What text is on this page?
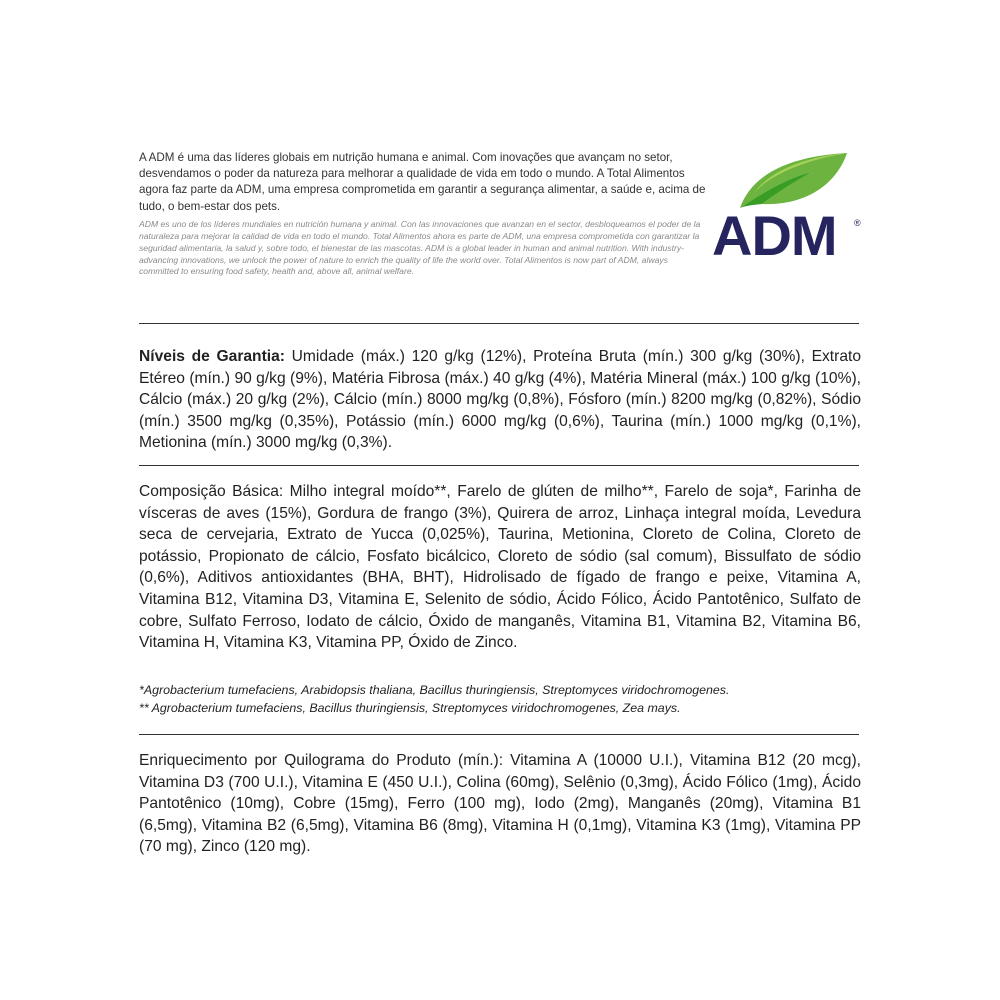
A ADM é uma das líderes globais em nutrição humana e animal. Com inovações que avançam no setor, desvendamos o poder da natureza para melhorar a qualidade de vida em todo o mundo. A Total Alimentos agora faz parte da ADM, uma empresa comprometida em garantir a segurança alimentar, a saúde e, acima de tudo, o bem-estar dos pets.

ADM es uno de los líderes mundiales en nutrición humana y animal. Con las innovaciones que avanzan en el sector, desbloqueamos el poder de la naturaleza para mejorar la calidad de vida en todo el mundo. Total Alimentos ahora es parte de ADM, una empresa comprometida con garantizar la seguridad alimentaria, la salud y, sobre todo, el bienestar de las mascotas. ADM is a global leader in human and animal nutrition. With industry-advancing innovations, we unlock the power of nature to enrich the quality of life the world over. Total Alimentos is now part of ADM, always committed to ensuring food safety, health and, above all, animal welfare.

ADM ®

Níveis de Garantia: Umidade (máx.) 120 g/kg (12%), Proteína Bruta (mín.) 300 g/kg (30%), Extrato Etéreo (mín.) 90 g/kg (9%), Matéria Fibrosa (máx.) 40 g/kg (4%), Matéria Mineral (máx.) 100 g/kg (10%), Cálcio (máx.) 20 g/kg (2%), Cálcio (mín.) 8000 mg/kg (0,8%), Fósforo (mín.) 8200 mg/kg (0,82%), Sódio (mín.) 3500 mg/kg (0,35%), Potássio (mín.) 6000 mg/kg (0,6%), Taurina (mín.) 1000 mg/kg (0,1%), Metionina (mín.) 3000 mg/kg (0,3%).

Composição Básica: Milho integral moído**, Farelo de glúten de milho**, Farelo de soja*, Farinha de vísceras de aves (15%), Gordura de frango (3%), Quirera de arroz, Linhaça integral moída, Levedura seca de cervejaria, Extrato de Yucca (0,025%), Taurina, Metionina, Cloreto de Colina, Cloreto de potássio, Propionato de cálcio, Fosfato bicálcico, Cloreto de sódio (sal comum), Bissulfato de sódio (0,6%), Aditivos antioxidantes (BHA, BHT), Hidrolisado de fígado de frango e peixe, Vitamina A, Vitamina B12, Vitamina D3, Vitamina E, Selenito de sódio, Ácido Fólico, Ácido Pantotênico, Sulfato de cobre, Sulfato Ferroso, Iodato de cálcio, Óxido de manganês, Vitamina B1, Vitamina B2, Vitamina B6, Vitamina H, Vitamina K3, Vitamina PP, Óxido de Zinco.

*Agrobacterium tumefaciens, Arabidopsis thaliana, Bacillus thuringiensis, Streptomyces viridochromogenes.

** Agrobacterium tumefaciens, Bacillus thuringiensis, Streptomyces viridochromogenes, Zea mays.

Enriquecimento por Quilograma do Produto (mín.): Vitamina A (10000 U.I.), Vitamina B12 (20 mcg), Vitamina D3 (700 U.I.), Vitamina E (450 U.I.), Colina (60mg), Selênio (0,3mg), Ácido Fólico (1mg), Ácido Pantotênico (10mg), Cobre (15mg), Ferro (100 mg), Iodo (2mg), Manganês (20mg), Vitamina B1 (6,5mg), Vitamina B2 (6,5mg), Vitamina B6 (8mg), Vitamina H (0,1mg), Vitamina K3 (1mg), Vitamina PP (70 mg), Zinco (120 mg).
